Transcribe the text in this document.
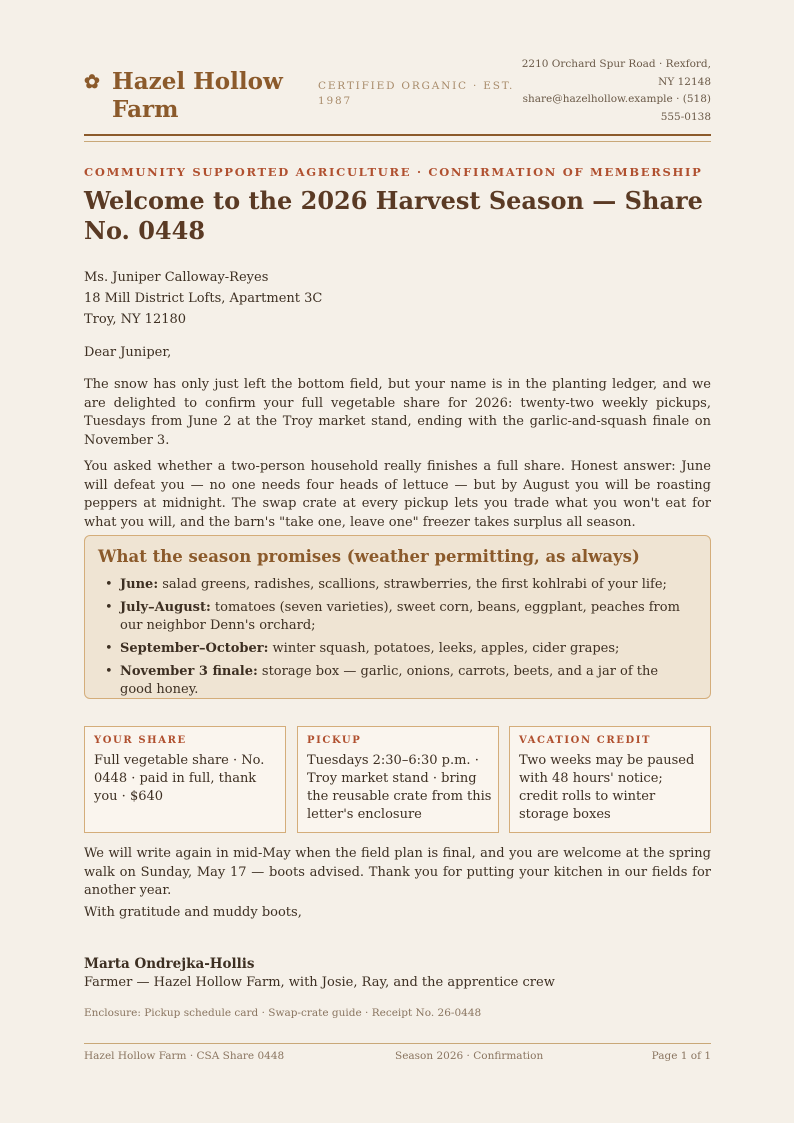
✿ Hazel Hollow Farm
CERTIFIED ORGANIC · EST. 1987
2210 Orchard Spur Road · Rexford, NY 12148
share@hazelhollow.example · (518) 555-0138
COMMUNITY SUPPORTED AGRICULTURE · CONFIRMATION OF MEMBERSHIP
Welcome to the 2026 Harvest Season — Share No. 0448
Ms. Juniper Calloway-Reyes
18 Mill District Lofts, Apartment 3C
Troy, NY 12180
Dear Juniper,

The snow has only just left the bottom field, but your name is in the planting ledger, and we are delighted to confirm your full vegetable share for 2026: twenty-two weekly pickups, Tuesdays from June 2 at the Troy market stand, ending with the garlic-and-squash finale on November 3.

You asked whether a two-person household really finishes a full share. Honest answer: June will defeat you — no one needs four heads of lettuce — but by August you will be roasting peppers at midnight. The swap crate at every pickup lets you trade what you won't eat for what you will, and the barn's "take one, leave one" freezer takes surplus all season.

What the season promises (weather permitting, as always)
• June: salad greens, radishes, scallions, strawberries, the first kohlrabi of your life;
• July–August: tomatoes (seven varieties), sweet corn, beans, eggplant, peaches from our neighbor Denn's orchard;
• September–October: winter squash, potatoes, leeks, apples, cider grapes;
• November 3 finale: storage box — garlic, onions, carrots, beets, and a jar of the good honey.
YOUR SHARE
Full vegetable share · No. 0448 · paid in full, thank you · $640
PICKUP
Tuesdays 2:30–6:30 p.m. · Troy market stand · bring the reusable crate from this letter's enclosure
VACATION CREDIT
Two weeks may be paused with 48 hours' notice; credit rolls to winter storage boxes

We will write again in mid-May when the field plan is final, and you are welcome at the spring walk on Sunday, May 17 — boots advised. Thank you for putting your kitchen in our fields for another year.

With gratitude and muddy boots,
Marta Ondrejka-Hollis
Farmer — Hazel Hollow Farm, with Josie, Ray, and the apprentice crew
Enclosure: Pickup schedule card · Swap-crate guide · Receipt No. 26-0448
Hazel Hollow Farm · CSA Share 0448	Season 2026 · Confirmation	Page 1 of 1
